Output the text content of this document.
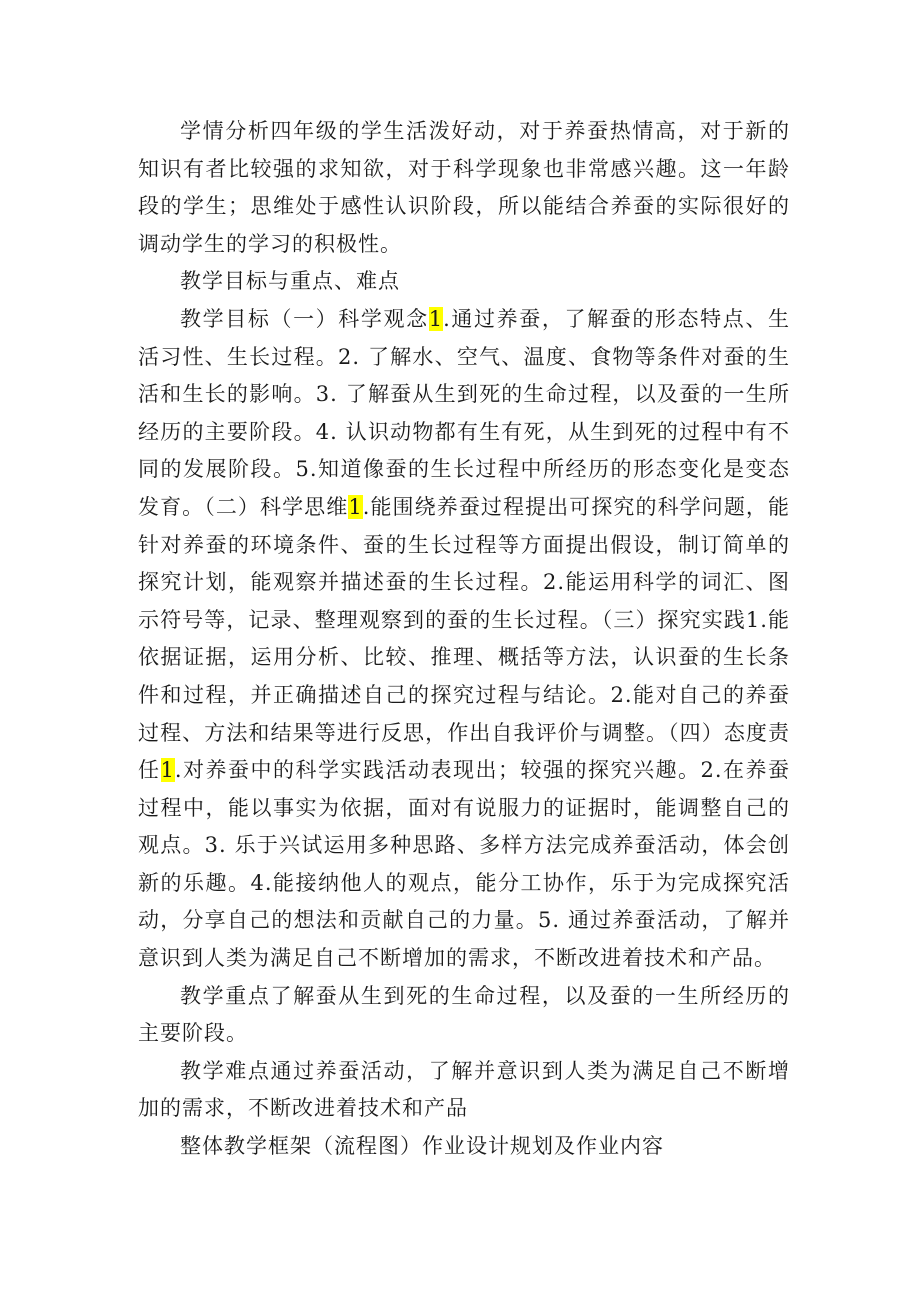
学情分析四年级的学生活泼好动，对于养蚕热情高，对于新的知识有者比较强的求知欲，对于科学现象也非常感兴趣。这一年龄段的学生；思维处于感性认识阶段，所以能结合养蚕的实际很好的调动学生的学习的积极性。

教学目标与重点、难点

教学目标（一）科学观念1.通过养蚕，了解蚕的形态特点、生活习性、生长过程。2. 了解水、空气、温度、食物等条件对蚕的生活和生长的影响。3. 了解蚕从生到死的生命过程，以及蚕的一生所经历的主要阶段。4. 认识动物都有生有死，从生到死的过程中有不同的发展阶段。5.知道像蚕的生长过程中所经历的形态变化是变态发育。（二）科学思维1.能围绕养蚕过程提出可探究的科学问题，能针对养蚕的环境条件、蚕的生长过程等方面提出假设，制订简单的探究计划，能观察并描述蚕的生长过程。2.能运用科学的词汇、图示符号等，记录、整理观察到的蚕的生长过程。（三）探究实践1.能依据证据，运用分析、比较、推理、概括等方法，认识蚕的生长条件和过程，并正确描述自己的探究过程与结论。2.能对自己的养蚕过程、方法和结果等进行反思，作出自我评价与调整。（四）态度责任1.对养蚕中的科学实践活动表现出；较强的探究兴趣。2.在养蚕过程中，能以事实为依据，面对有说服力的证据时，能调整自己的观点。3. 乐于兴试运用多种思路、多样方法完成养蚕活动，体会创新的乐趣。4.能接纳他人的观点，能分工协作，乐于为完成探究活动，分享自己的想法和贡献自己的力量。5. 通过养蚕活动，了解并意识到人类为满足自己不断增加的需求，不断改进着技术和产品。

教学重点了解蚕从生到死的生命过程，以及蚕的一生所经历的主要阶段。

教学难点通过养蚕活动，了解并意识到人类为满足自己不断增加的需求，不断改进着技术和产品

整体教学框架（流程图）作业设计规划及作业内容
